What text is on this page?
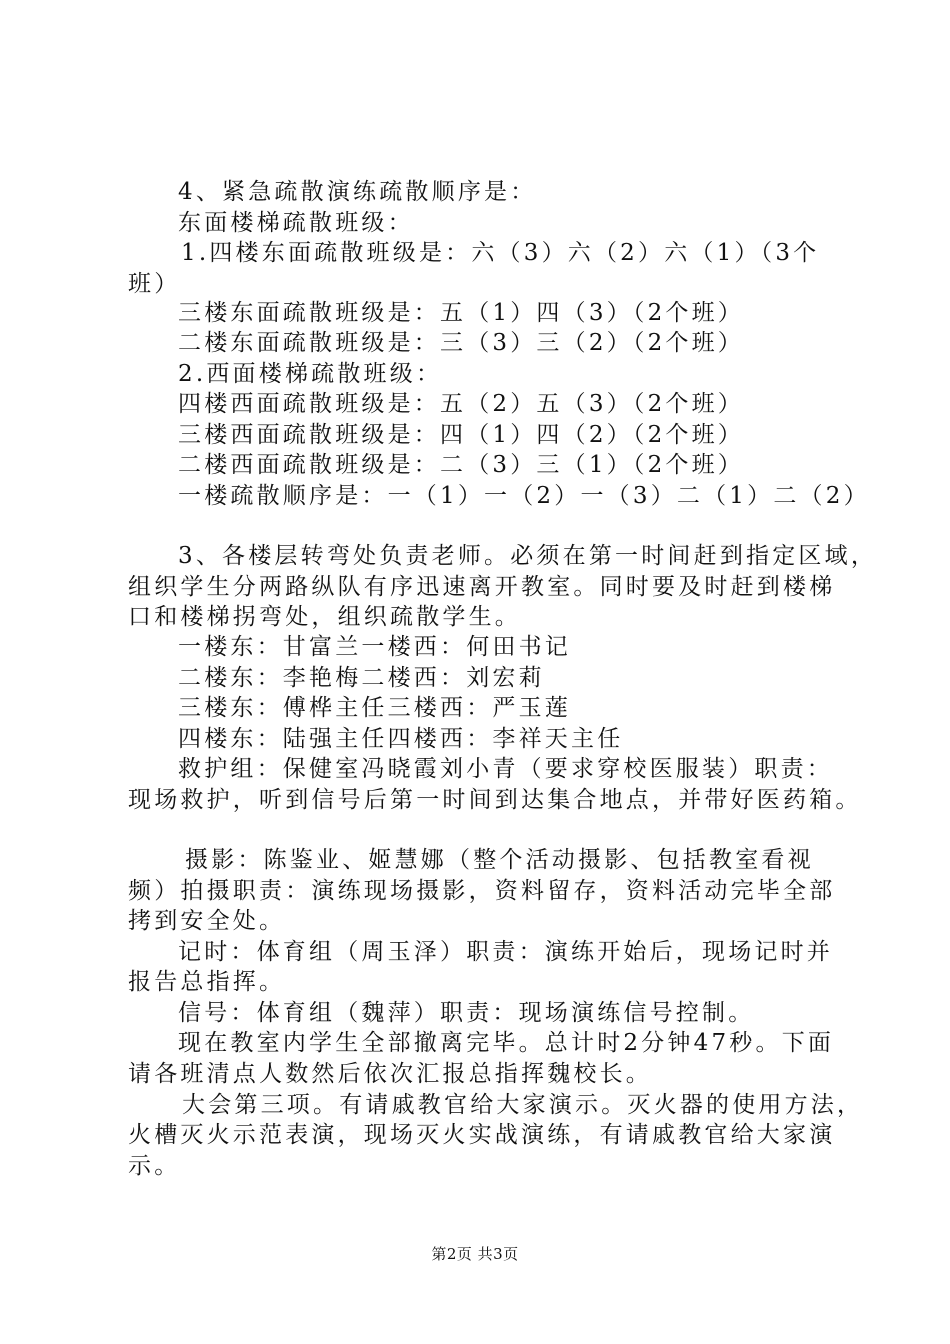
4、紧急疏散演练疏散顺序是：
东面楼梯疏散班级：
1.四楼东面疏散班级是：六（3）六（2）六（1）（3个
班）
三楼东面疏散班级是：五（1）四（3）（2个班）
二楼东面疏散班级是：三（3）三（2）（2个班）
2.西面楼梯疏散班级：
四楼西面疏散班级是：五（2）五（3）（2个班）
三楼西面疏散班级是：四（1）四（2）（2个班）
二楼西面疏散班级是：二（3）三（1）（2个班）
一楼疏散顺序是：一（1）一（2）一（3）二（1）二（2）
3、各楼层转弯处负责老师。必须在第一时间赶到指定区域，
组织学生分两路纵队有序迅速离开教室。同时要及时赶到楼梯
口和楼梯拐弯处，组织疏散学生。
一楼东：甘富兰一楼西：何田书记
二楼东：李艳梅二楼西：刘宏莉
三楼东：傅桦主任三楼西：严玉莲
四楼东：陆强主任四楼西：李祥天主任
救护组：保健室冯晓霞刘小青（要求穿校医服装）职责：
现场救护，听到信号后第一时间到达集合地点，并带好医药箱。
摄影：陈鉴业、姬慧娜（整个活动摄影、包括教室看视
频）拍摄职责：演练现场摄影，资料留存，资料活动完毕全部
拷到安全处。
记时：体育组（周玉泽）职责：演练开始后，现场记时并
报告总指挥。
信号：体育组（魏萍）职责：现场演练信号控制。
现在教室内学生全部撤离完毕。总计时2分钟47秒。下面
请各班清点人数然后依次汇报总指挥魏校长。
大会第三项。有请戚教官给大家演示。灭火器的使用方法，
火槽灭火示范表演，现场灭火实战演练，有请戚教官给大家演
示。
第2页 共3页
